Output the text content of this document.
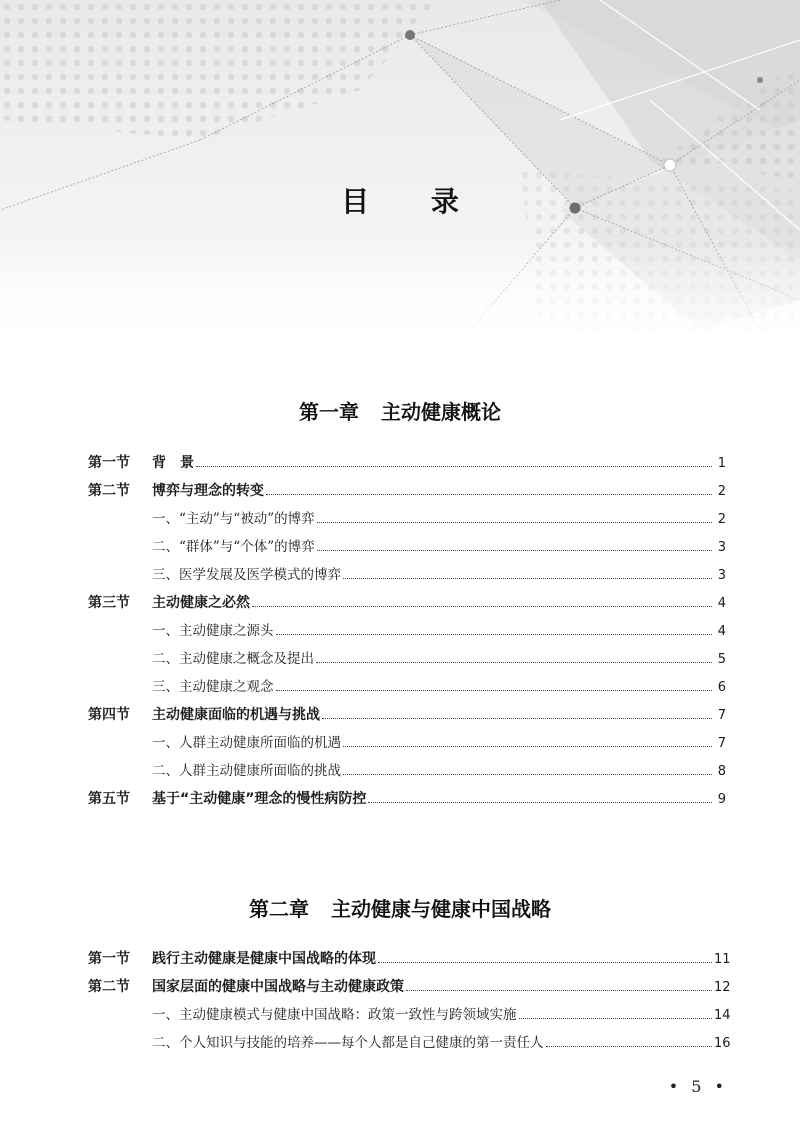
目 录
第一章 主动健康概论
第一节	背　景	1
第二节	博弈与理念的转变	2
一、“主动”与“被动”的博弈	2
二、“群体”与“个体”的博弈	3
三、医学发展及医学模式的博弈	3
第三节	主动健康之必然	4
一、主动健康之源头	4
二、主动健康之概念及提出	5
三、主动健康之观念	6
第四节	主动健康面临的机遇与挑战	7
一、人群主动健康所面临的机遇	7
二、人群主动健康所面临的挑战	8
第五节	基于“主动健康”理念的慢性病防控	9
第二章 主动健康与健康中国战略
第一节	践行主动健康是健康中国战略的体现	11
第二节	国家层面的健康中国战略与主动健康政策	12
一、主动健康模式与健康中国战略：政策一致性与跨领域实施	14
二、个人知识与技能的培养——每个人都是自己健康的第一责任人	16
• 5 •
